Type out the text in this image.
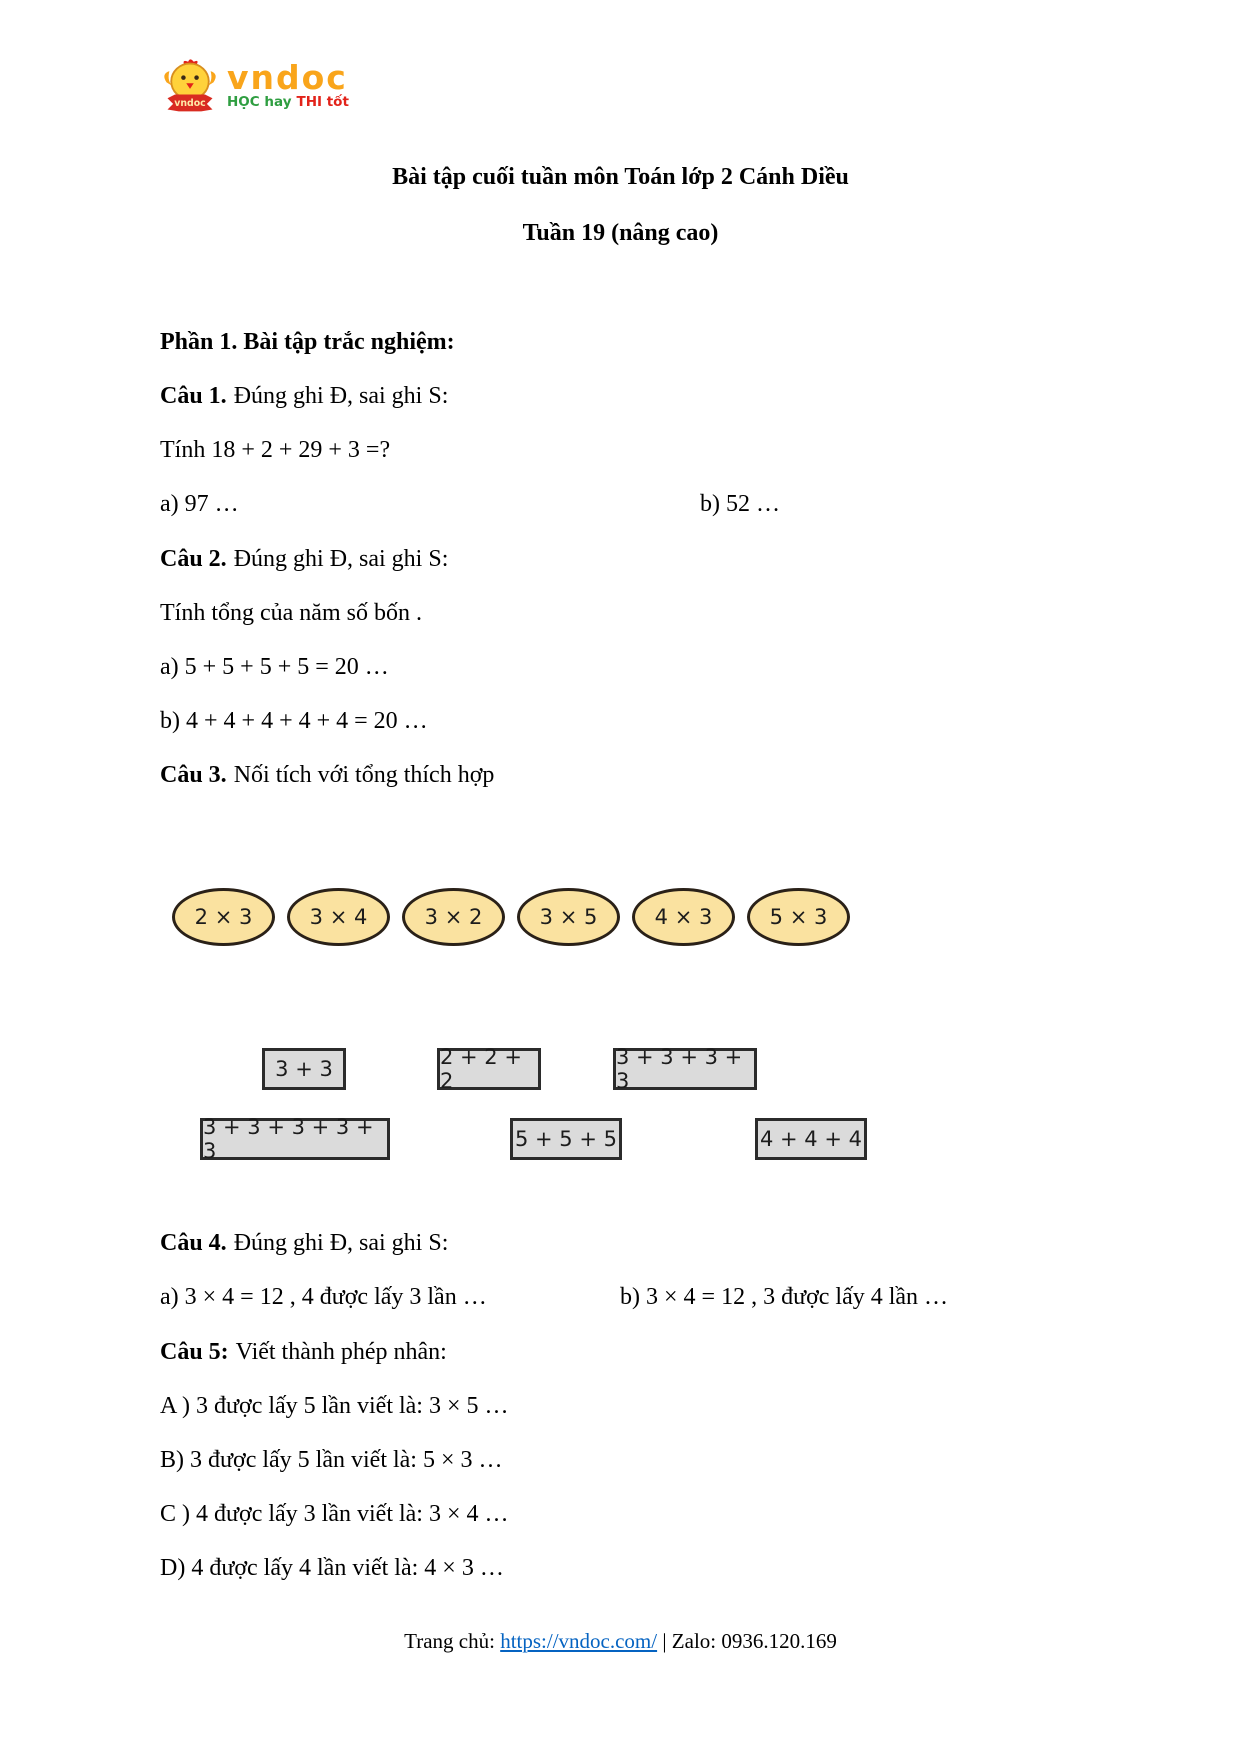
vndoc
vndoc
HỌC hay THI tốt
Bài tập cuối tuần môn Toán lớp 2 Cánh Diều
Tuần 19 (nâng cao)

Phần 1. Bài tập trắc nghiệm:

Câu 1. Đúng ghi Đ, sai ghi S:

Tính 18 + 2 + 29 + 3 =?

a) 97 …	b) 52 …

Câu 2. Đúng ghi Đ, sai ghi S:

Tính tổng của năm số bốn .

a) 5 + 5 + 5 + 5 = 20 …

b) 4 + 4 + 4 + 4 + 4 = 20 …

Câu 3. Nối tích với tổng thích hợp

2 × 3	3 × 4	3 × 2	3 × 5	4 × 3	5 × 3
3 + 3	2 + 2 + 2
3 + 3 + 3 + 3
3 + 3 + 3 + 3 + 3	5 + 5 + 5	4 + 4 + 4

Câu 4. Đúng ghi Đ, sai ghi S:

a) 3 × 4 = 12 , 4 được lấy 3 lần …	b) 3 × 4 = 12 , 3 được lấy 4 lần …

Câu 5: Viết thành phép nhân:

A ) 3 được lấy 5 lần viết là: 3 × 5 …

B) 3 được lấy 5 lần viết là: 5 × 3 …

C ) 4 được lấy 3 lần viết là: 3 × 4 …

D) 4 được lấy 4 lần viết là: 4 × 3 …

Trang chủ: https://vndoc.com/ | Zalo: 0936.120.169
